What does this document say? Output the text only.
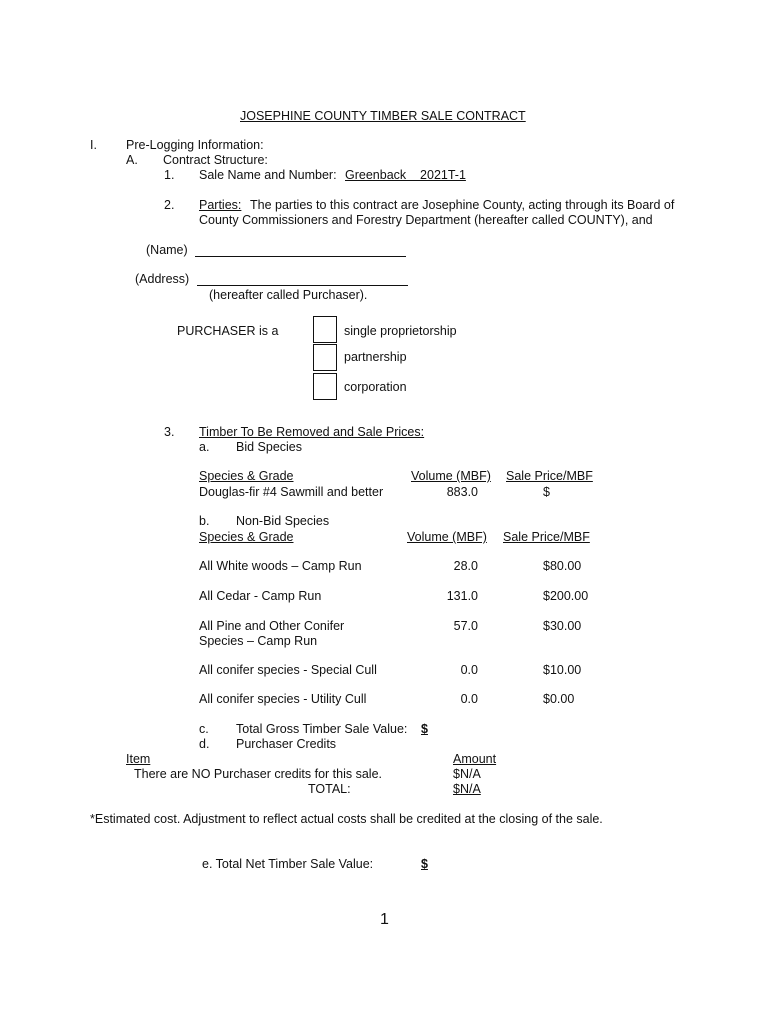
JOSEPHINE COUNTY TIMBER SALE CONTRACT
I. Pre-Logging Information:
A. Contract Structure:
1. Sale Name and Number: Greenback    2021T-1
2. Parties: The parties to this contract are Josephine County, acting through its Board of
County Commissioners and Forestry Department (hereafter called COUNTY), and
(Name)
(Address)
(hereafter called Purchaser).
PURCHASER is a	single proprietorship
partnership
corporation
3. Timber To Be Removed and Sale Prices:
a. Bid Species
Species & Grade	Volume (MBF) Sale Price/MBF
Douglas-fir #4 Sawmill and better	883.0	$
b. Non-Bid Species
Species & Grade	Volume (MBF) Sale Price/MBF
All White woods – Camp Run	28.0	$80.00
All Cedar - Camp Run	131.0	$200.00
All Pine and Other Conifer
Species – Camp Run
57.0	$30.00
All conifer species - Special Cull	0.0	$10.00
All conifer species - Utility Cull	0.0	$0.00
c. Total Gross Timber Sale Value: $
d. Purchaser Credits
Item	Amount
There are NO Purchaser credits for this sale.	$N/A
TOTAL:	$N/A
*Estimated cost. Adjustment to reflect actual costs shall be credited at the closing of the sale.
e. Total Net Timber Sale Value:	$
1
